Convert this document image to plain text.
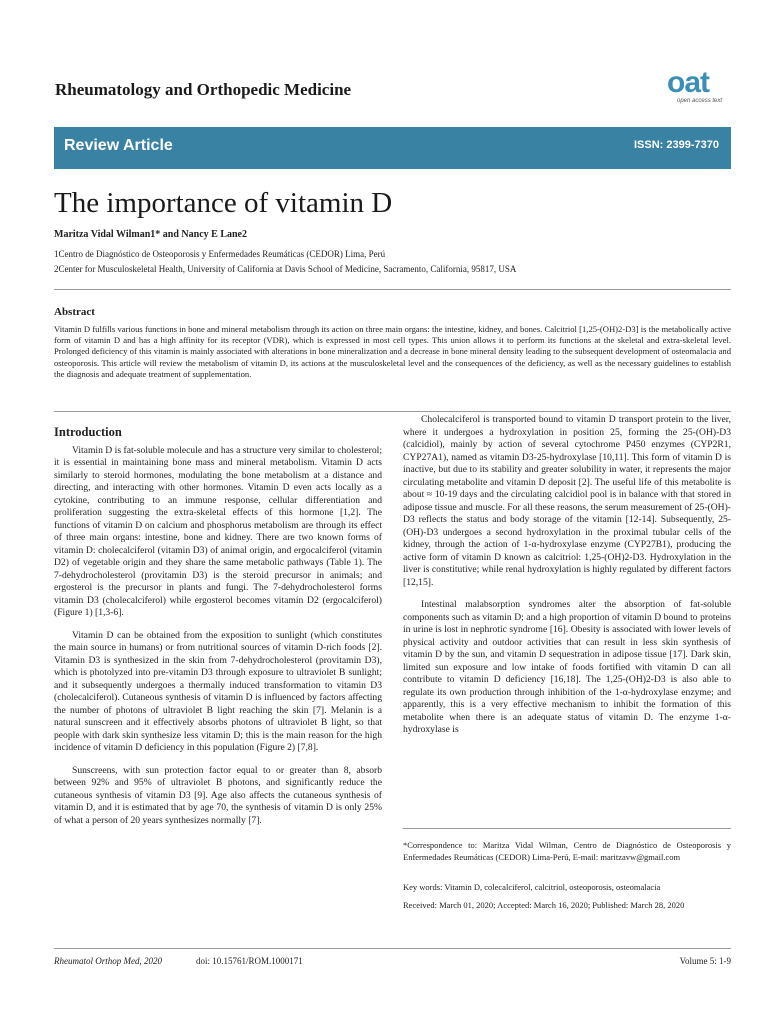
Rheumatology and Orthopedic Medicine	oat
open access text
Review Article	ISSN: 2399-7370
The importance of vitamin D
Maritza Vidal Wilman1* and Nancy E Lane2
1Centro de Diagnóstico de Osteoporosis y Enfermedades Reumáticas (CEDOR) Lima, Perú
2Center for Musculoskeletal Health, University of California at Davis School of Medicine, Sacramento, California, 95817, USA
Abstract
Vitamin D fulfills various functions in bone and mineral metabolism through its action on three main organs: the intestine, kidney, and bones. Calcitriol [1,25-(OH)2-D3] is the metabolically active form of vitamin D and has a high affinity for its receptor (VDR), which is expressed in most cell types. This union allows it to perform its functions at the skeletal and extra-skeletal level. Prolonged deficiency of this vitamin is mainly associated with alterations in bone mineralization and a decrease in bone mineral density leading to the subsequent development of osteomalacia and osteoporosis. This article will review the metabolism of vitamin D, its actions at the musculoskeletal level and the consequences of the deficiency, as well as the necessary guidelines to establish the diagnosis and adequate treatment of supplementation.
Introduction

Vitamin D is fat-soluble molecule and has a structure very similar to cholesterol; it is essential in maintaining bone mass and mineral metabolism. Vitamin D acts similarly to steroid hormones, modulating the bone metabolism at a distance and directing, and interacting with other hormones. Vitamin D even acts locally as a cytokine, contributing to an immune response, cellular differentiation and proliferation suggesting the extra-skeletal effects of this hormone [1,2]. The functions of vitamin D on calcium and phosphorus metabolism are through its effect of three main organs: intestine, bone and kidney. There are two known forms of vitamin D: cholecalciferol (vitamin D3) of animal origin, and ergocalciferol (vitamin D2) of vegetable origin and they share the same metabolic pathways (Table 1). The 7-dehydrocholesterol (provitamin D3) is the steroid precursor in animals; and ergosterol is the precursor in plants and fungi. The 7-dehydrocholesterol forms vitamin D3 (cholecalciferol) while ergosterol becomes vitamin D2 (ergocalciferol) (Figure 1) [1,3-6].

Vitamin D can be obtained from the exposition to sunlight (which constitutes the main source in humans) or from nutritional sources of vitamin D-rich foods [2]. Vitamin D3 is synthesized in the skin from 7-dehydrocholesterol (provitamin D3), which is photolyzed into pre-vitamin D3 through exposure to ultraviolet B sunlight; and it subsequently undergoes a thermally induced transformation to vitamin D3 (cholecalciferol). Cutaneous synthesis of vitamin D is influenced by factors affecting the number of photons of ultraviolet B light reaching the skin [7]. Melanin is a natural sunscreen and it effectively absorbs photons of ultraviolet B light, so that people with dark skin synthesize less vitamin D; this is the main reason for the high incidence of vitamin D deficiency in this population (Figure 2) [7,8].

Sunscreens, with sun protection factor equal to or greater than 8, absorb between 92% and 95% of ultraviolet B photons, and significantly reduce the cutaneous synthesis of vitamin D3 [9]. Age also affects the cutaneous synthesis of vitamin D, and it is estimated that by age 70, the synthesis of vitamin D is only 25% of what a person of 20 years synthesizes normally [7].

Cholecalciferol is transported bound to vitamin D transport protein to the liver, where it undergoes a hydroxylation in position 25, forming the 25-(OH)-D3 (calcidiol), mainly by action of several cytochrome P450 enzymes (CYP2R1, CYP27A1), named as vitamin D3-25-hydroxylase [10,11]. This form of vitamin D is inactive, but due to its stability and greater solubility in water, it represents the major circulating metabolite and vitamin D deposit [2]. The useful life of this metabolite is about ≈ 10-19 days and the circulating calcidiol pool is in balance with that stored in adipose tissue and muscle. For all these reasons, the serum measurement of 25-(OH)-D3 reflects the status and body storage of the vitamin [12-14]. Subsequently, 25-(OH)-D3 undergoes a second hydroxylation in the proximal tubular cells of the kidney, through the action of 1-α-hydroxylase enzyme (CYP27B1), producing the active form of vitamin D known as calcitriol: 1,25-(OH)2-D3. Hydroxylation in the liver is constitutive; while renal hydroxylation is highly regulated by different factors [12,15].

Intestinal malabsorption syndromes alter the absorption of fat-soluble components such as vitamin D; and a high proportion of vitamin D bound to proteins in urine is lost in nephrotic syndrome [16]. Obesity is associated with lower levels of physical activity and outdoor activities that can result in less skin synthesis of vitamin D by the sun, and vitamin D sequestration in adipose tissue [17]. Dark skin, limited sun exposure and low intake of foods fortified with vitamin D can all contribute to vitamin D deficiency [16,18]. The 1,25-(OH)2-D3 is also able to regulate its own production through inhibition of the 1-α-hydroxylase enzyme; and apparently, this is a very effective mechanism to inhibit the formation of this metabolite when there is an adequate status of vitamin D. The enzyme 1-α-hydroxylase is

*Correspondence to: Maritza Vidal Wilman, Centro de Diagnóstico de Osteoporosis y Enfermedades Reumáticas (CEDOR) Lima-Perú, E-mail: maritzavw@gmail.com
Key words: Vitamin D, colecalciferol, calcitriol, osteoporosis, osteomalacia
Received: March 01, 2020; Accepted: March 16, 2020; Published: March 28, 2020
Rheumatol Orthop Med, 2020	doi: 10.15761/ROM.1000171	Volume 5: 1-9
